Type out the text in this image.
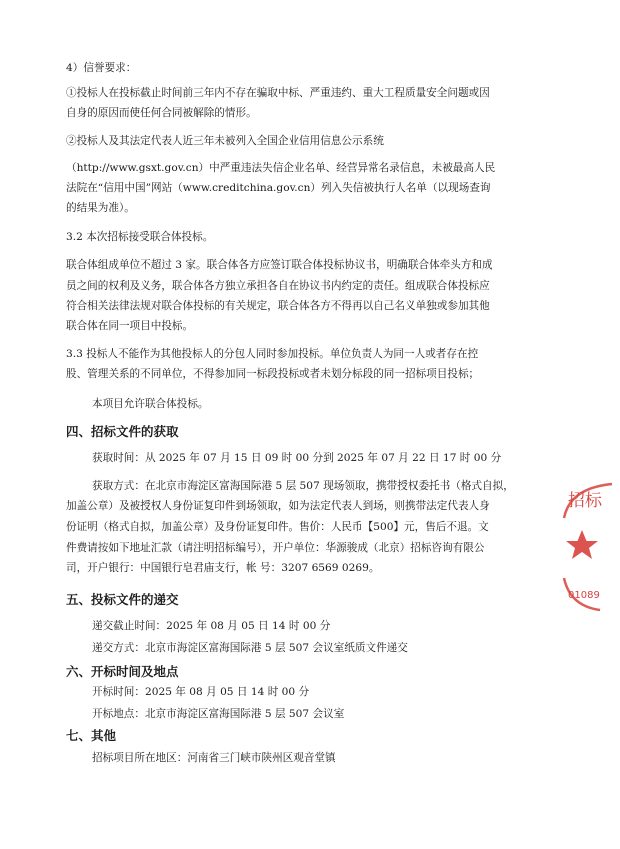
4）信誉要求：
①投标人在投标截止时间前三年内不存在骗取中标、严重违约、重大工程质量安全问题或因
自身的原因而使任何合同被解除的情形。
②投标人及其法定代表人近三年未被列入全国企业信用信息公示系统
（http://www.gsxt.gov.cn）中严重违法失信企业名单、经营异常名录信息，未被最高人民
法院在“信用中国”网站（www.creditchina.gov.cn）列入失信被执行人名单（以现场查询
的结果为准）。
3.2 本次招标接受联合体投标。
联合体组成单位不超过 3 家。联合体各方应签订联合体投标协议书，明确联合体牵头方和成
员之间的权利及义务，联合体各方独立承担各自在协议书内约定的责任。组成联合体投标应
符合相关法律法规对联合体投标的有关规定，联合体各方不得再以自己名义单独或参加其他
联合体在同一项目中投标。
3.3 投标人不能作为其他投标人的分包人同时参加投标。单位负责人为同一人或者存在控
股、管理关系的不同单位，不得参加同一标段投标或者未划分标段的同一招标项目投标；
本项目允许联合体投标。
四、招标文件的获取
获取时间：从 2025 年 07 月 15 日 09 时 00 分到 2025 年 07 月 22 日 17 时 00 分
获取方式：在北京市海淀区富海国际港 5 层 507 现场领取，携带授权委托书（格式自拟，
加盖公章）及被授权人身份证复印件到场领取，如为法定代表人到场，则携带法定代表人身
份证明（格式自拟，加盖公章）及身份证复印件。售价：人民币【500】元，售后不退。文
件费请按如下地址汇款（请注明招标编号），开户单位：华源骏成（北京）招标咨询有限公
司，开户银行：中国银行皂君庙支行，帐 号：3207 6569 0269。
五、投标文件的递交
递交截止时间：2025 年 08 月 05 日 14 时 00 分
递交方式：北京市海淀区富海国际港 5 层 507 会议室纸质文件递交
六、开标时间及地点
开标时间：2025 年 08 月 05 日 14 时 00 分
开标地点：北京市海淀区富海国际港 5 层 507 会议室
七、其他
招标项目所在地区：河南省三门峡市陕州区观音堂镇
招标
01089
